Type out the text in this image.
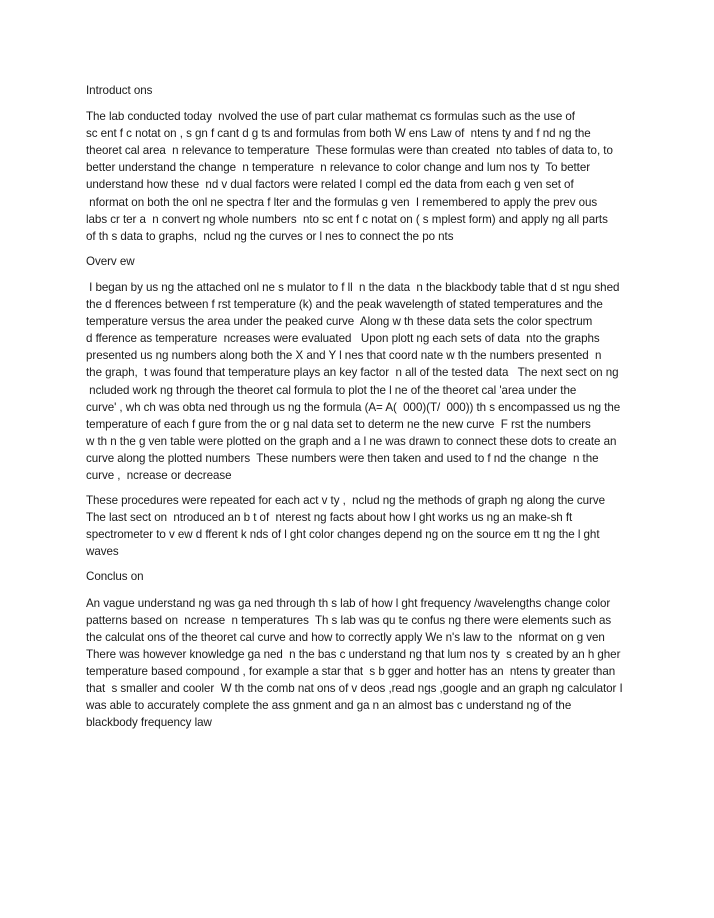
Introduct ons
The lab conducted today  nvolved the use of part cular mathemat cs formulas such as the use of
sc ent f c notat on , s gn f cant d g ts and formulas from both W ens Law of  ntens ty and f nd ng the
theoret cal area  n relevance to temperature  These formulas were than created  nto tables of data to, to
better understand the change  n temperature  n relevance to color change and lum nos ty  To better
understand how these  nd v dual factors were related I compl ed the data from each g ven set of
nformat on both the onl ne spectra f lter and the formulas g ven  I remembered to apply the prev ous
labs cr ter a  n convert ng whole numbers  nto sc ent f c notat on ( s mplest form) and apply ng all parts
of th s data to graphs,  nclud ng the curves or l nes to connect the po nts
Overv ew
I began by us ng the attached onl ne s mulator to f ll  n the data  n the blackbody table that d st ngu shed
the d fferences between f rst temperature (k) and the peak wavelength of stated temperatures and the
temperature versus the area under the peaked curve  Along w th these data sets the color spectrum
d fference as temperature  ncreases were evaluated   Upon plott ng each sets of data  nto the graphs
presented us ng numbers along both the X and Y l nes that coord nate w th the numbers presented  n
the graph,  t was found that temperature plays an key factor  n all of the tested data   The next sect on ng
ncluded work ng through the theoret cal formula to plot the l ne of the theoret cal 'area under the
curve' , wh ch was obta ned through us ng the formula (A= A(  000)(T/  000)) th s encompassed us ng the
temperature of each f gure from the or g nal data set to determ ne the new curve  F rst the numbers
w th n the g ven table were plotted on the graph and a l ne was drawn to connect these dots to create an
curve along the plotted numbers  These numbers were then taken and used to f nd the change  n the
curve ,  ncrease or decrease
These procedures were repeated for each act v ty ,  nclud ng the methods of graph ng along the curve
The last sect on  ntroduced an b t of  nterest ng facts about how l ght works us ng an make-sh ft
spectrometer to v ew d fferent k nds of l ght color changes depend ng on the source em tt ng the l ght
waves
Conclus on
An vague understand ng was ga ned through th s lab of how l ght frequency /wavelengths change color
patterns based on  ncrease  n temperatures  Th s lab was qu te confus ng there were elements such as
the calculat ons of the theoret cal curve and how to correctly apply We n's law to the  nformat on g ven
There was however knowledge ga ned  n the bas c understand ng that lum nos ty  s created by an h gher
temperature based compound , for example a star that  s b gger and hotter has an  ntens ty greater than
that  s smaller and cooler  W th the comb nat ons of v deos ,read ngs ,google and an graph ng calculator I
was able to accurately complete the ass gnment and ga n an almost bas c understand ng of the
blackbody frequency law
